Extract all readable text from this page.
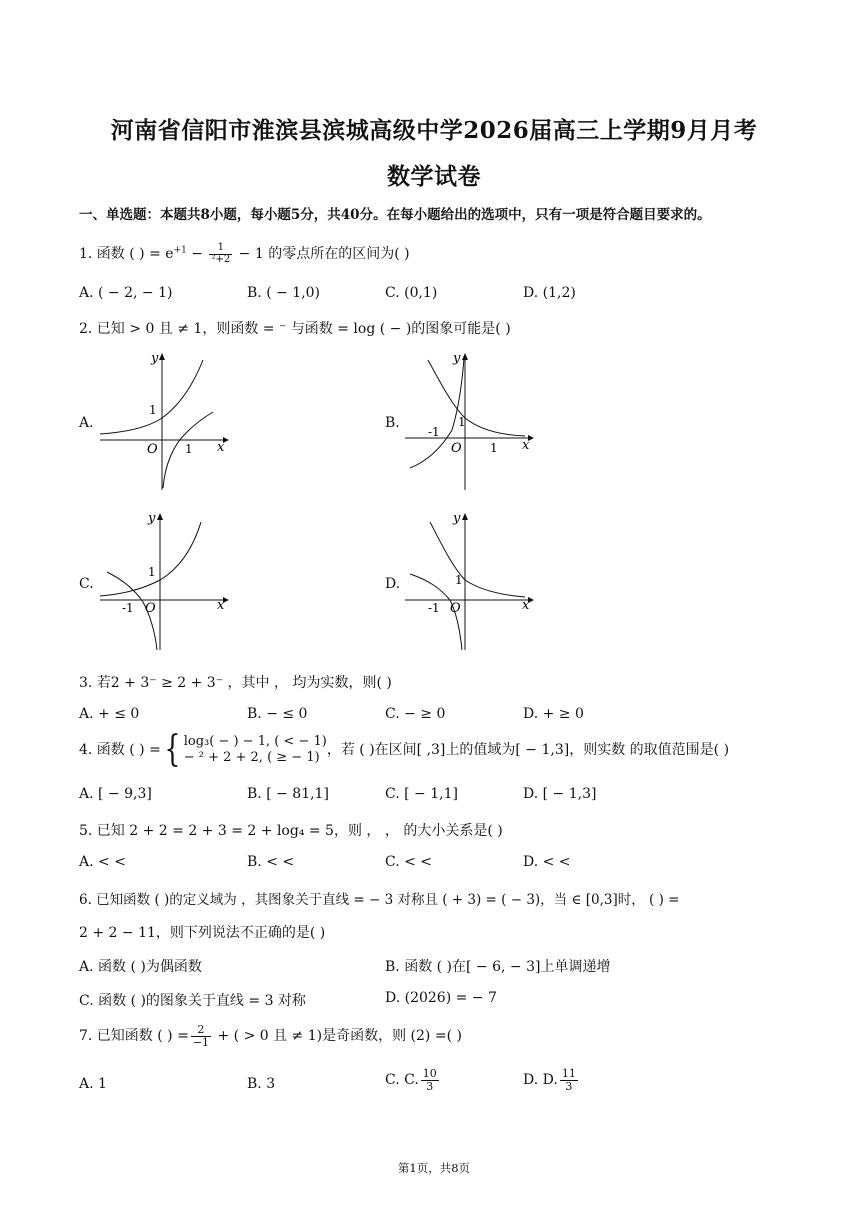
河南省信阳市淮滨县滨城高级中学2026届高三上学期9月月考
数学试卷
一、单选题：本题共8小题，每小题5分，共40分。在每小题给出的选项中，只有一项是符合题目要求的。
1. 函数 ( ) = $e^{+1} - \frac{1}{\text{²+2}} - 1$ 的零点所在的区间为( )
A. ( − 2, − 1)	B. ( − 1,0)	C. (0,1)	D. (1,2)
2. 已知 > 0 且 ≠ 1，则函数 = ⁻ 与函数 = log ( − )的图象可能是( )
A.
y
x
O
1
1
B.
y
x
O
1
1
-1
C.
y
x
O
1
-1
D.
y
x
O
1
-1
3. 若2 + 3⁻ ≥ 2 + 3⁻ ，其中 ， 均为实数，则( )
A. + ≤ 0	B. − ≤ 0	C. − ≥ 0	D. + ≥ 0
4. 函数 ( ) ={ log₃( − ) − 1, ( < − 1)
− ² + 2 + 2, ( ≥ − 1) ，若 ( )在区间[ ,3]上的值域为[ − 1,3]，则实数 的取值范围是( )
A. [ − 9,3]	B. [ − 81,1]	C. [ − 1,1]	D. [ − 1,3]
5. 已知 2 + 2 = 2 + 3 = 2 + log₄ = 5，则 ， ， 的大小关系是( )
A. < <	B. < <	C. < <	D. < <
6. 已知函数 ( )的定义域为 ，其图象关于直线 = − 3 对称且 ( + 3) = ( − 3)，当 ∈ [0,3]时， ( ) =
2 + 2 − 11，则下列说法不正确的是( )
A. 函数 ( )为偶函数	B. 函数 ( )在[ − 6, − 3]上单调递增
C. 函数 ( )的图象关于直线 = 3 对称	D. (2026) = − 7
7. 已知函数 ( ) = $\frac{2}{-1}$ + ( > 0 且 ≠ 1)是奇函数，则 (2) =( )
A. 1	B. 3	C. C. $\frac{10}{3}$	D. D. $\frac{11}{3}$
第1页，共8页
